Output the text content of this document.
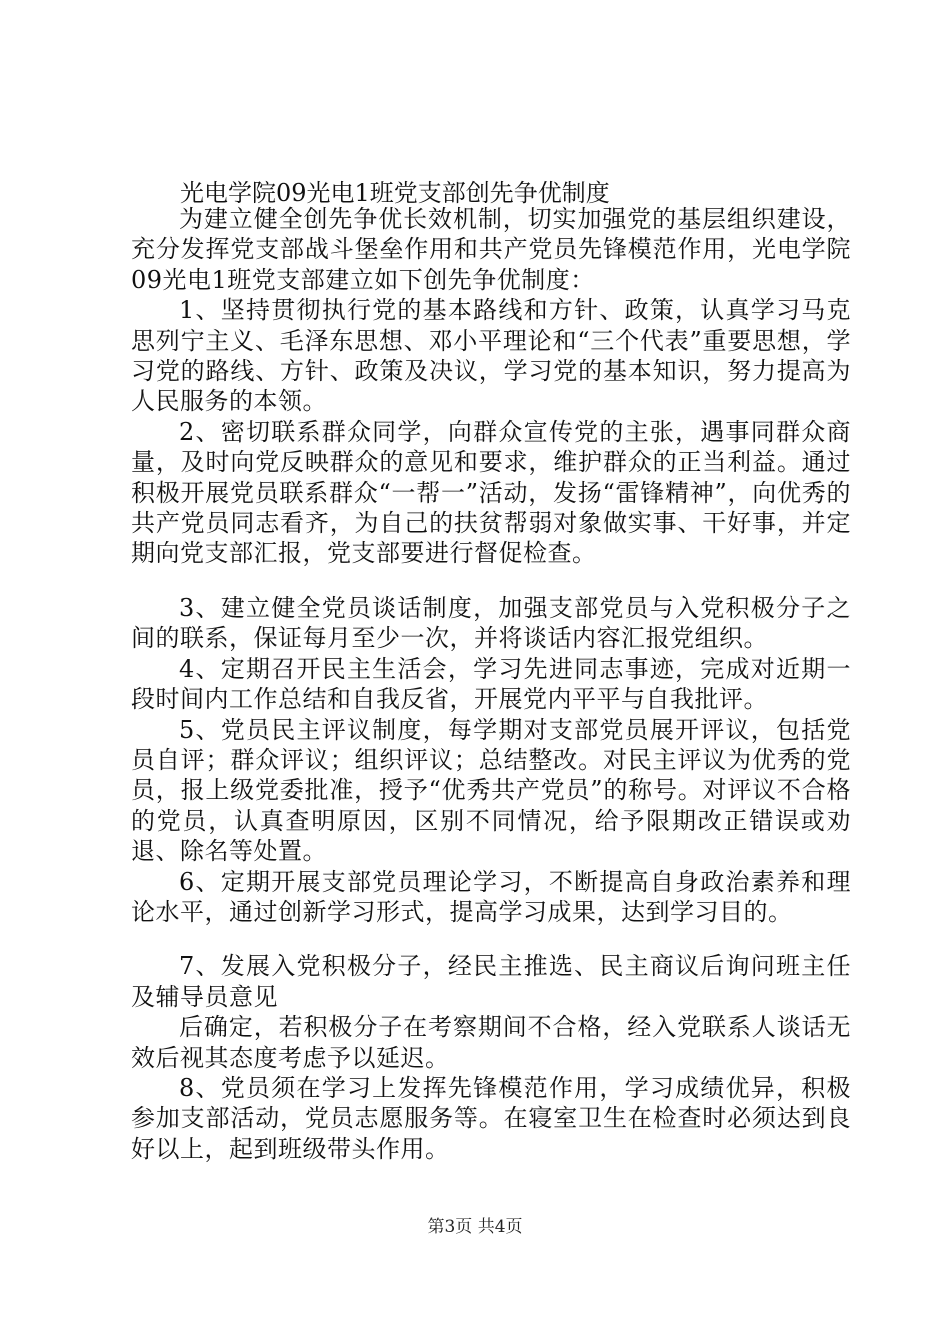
光电学院09光电1班党支部创先争优制度

为建立健全创先争优长效机制，切实加强党的基层组织建设，充分发挥党支部战斗堡垒作用和共产党员先锋模范作用，光电学院09光电1班党支部建立如下创先争优制度：

1、坚持贯彻执行党的基本路线和方针、政策，认真学习马克思列宁主义、毛泽东思想、邓小平理论和“三个代表”重要思想，学习党的路线、方针、政策及决议，学习党的基本知识，努力提高为人民服务的本领。

2、密切联系群众同学，向群众宣传党的主张，遇事同群众商量，及时向党反映群众的意见和要求，维护群众的正当利益。通过积极开展党员联系群众“一帮一”活动，发扬“雷锋精神”，向优秀的共产党员同志看齐，为自己的扶贫帮弱对象做实事、干好事，并定期向党支部汇报，党支部要进行督促检查。

3、建立健全党员谈话制度，加强支部党员与入党积极分子之间的联系，保证每月至少一次，并将谈话内容汇报党组织。

4、定期召开民主生活会，学习先进同志事迹，完成对近期一段时间内工作总结和自我反省，开展党内平平与自我批评。

5、党员民主评议制度，每学期对支部党员展开评议，包括党员自评；群众评议；组织评议；总结整改。对民主评议为优秀的党员，报上级党委批准，授予“优秀共产党员”的称号。对评议不合格的党员，认真查明原因，区别不同情况，给予限期改正错误或劝退、除名等处置。

6、定期开展支部党员理论学习，不断提高自身政治素养和理论水平，通过创新学习形式，提高学习成果，达到学习目的。

7、发展入党积极分子，经民主推选、民主商议后询问班主任及辅导员意见

后确定，若积极分子在考察期间不合格，经入党联系人谈话无效后视其态度考虑予以延迟。

8、党员须在学习上发挥先锋模范作用，学习成绩优异，积极参加支部活动，党员志愿服务等。在寝室卫生在检查时必须达到良好以上，起到班级带头作用。

第3页 共4页
